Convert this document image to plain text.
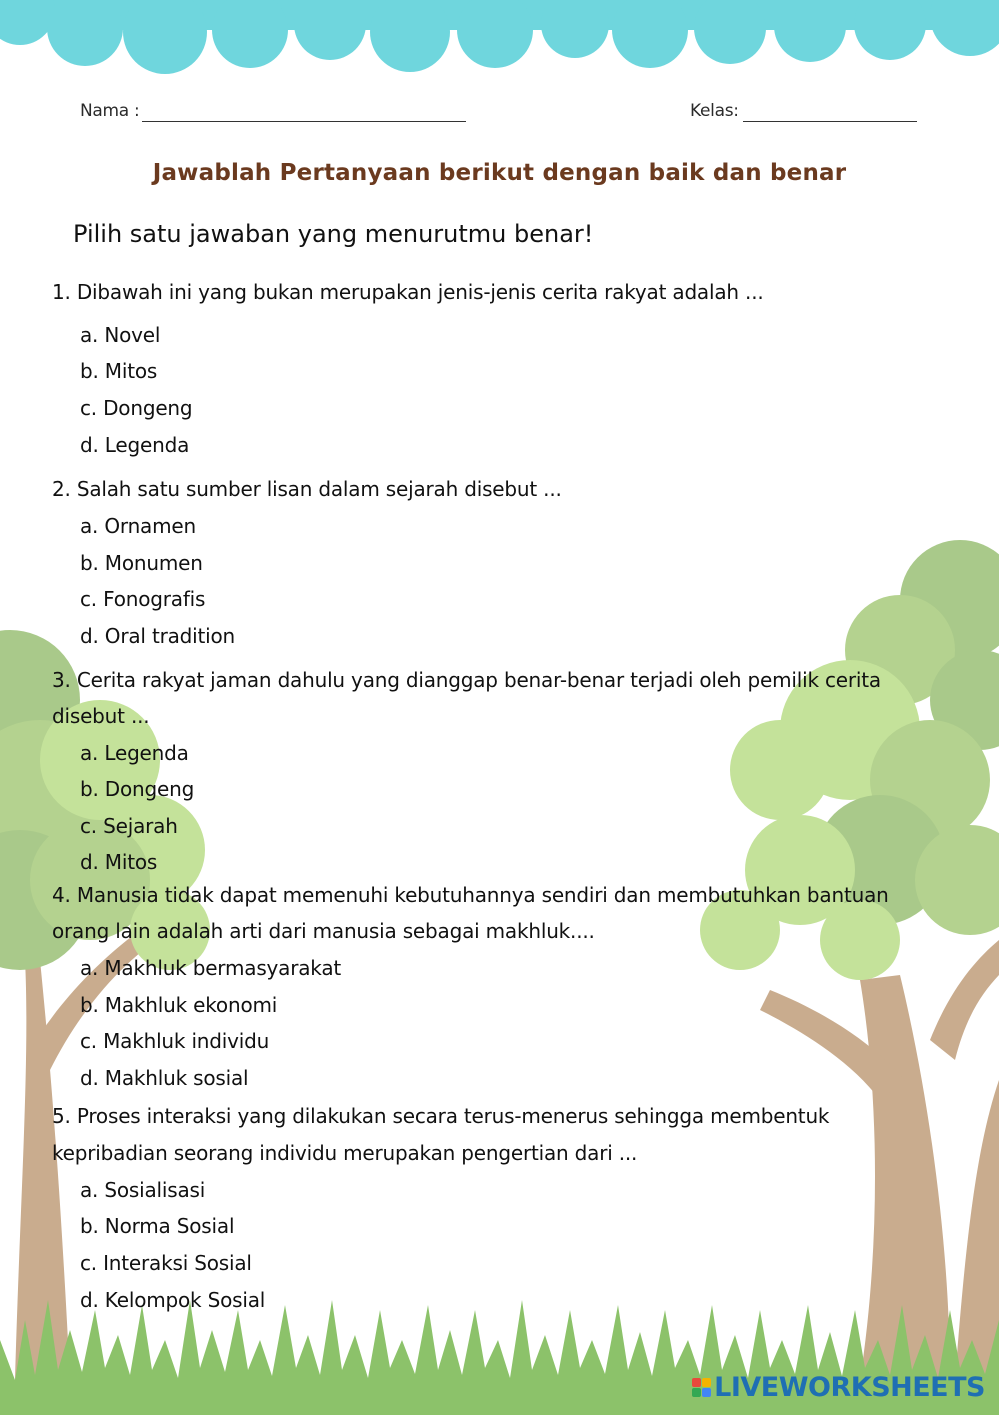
Nama :	Kelas:
Jawablah Pertanyaan berikut dengan baik dan benar
Pilih satu jawaban yang menurutmu benar!
1. Dibawah ini yang bukan merupakan jenis-jenis cerita rakyat adalah ...
a. Novel
b. Mitos
c. Dongeng
d. Legenda
2. Salah satu sumber lisan dalam sejarah disebut ...
a. Ornamen
b. Monumen
c. Fonografis
d. Oral tradition
3. Cerita rakyat jaman dahulu yang dianggap benar-benar terjadi oleh pemilik cerita
disebut ...
a. Legenda
b. Dongeng
c. Sejarah
d. Mitos
4. Manusia tidak dapat memenuhi kebutuhannya sendiri dan membutuhkan bantuan
orang lain adalah arti dari manusia sebagai makhluk....
a. Makhluk bermasyarakat
b. Makhluk ekonomi
c. Makhluk individu
d. Makhluk sosial
5. Proses interaksi yang dilakukan secara terus-menerus sehingga membentuk
kepribadian seorang individu merupakan pengertian dari ...
a. Sosialisasi
b. Norma Sosial
c. Interaksi Sosial
d. Kelompok Sosial
LIVEWORKSHEETS
